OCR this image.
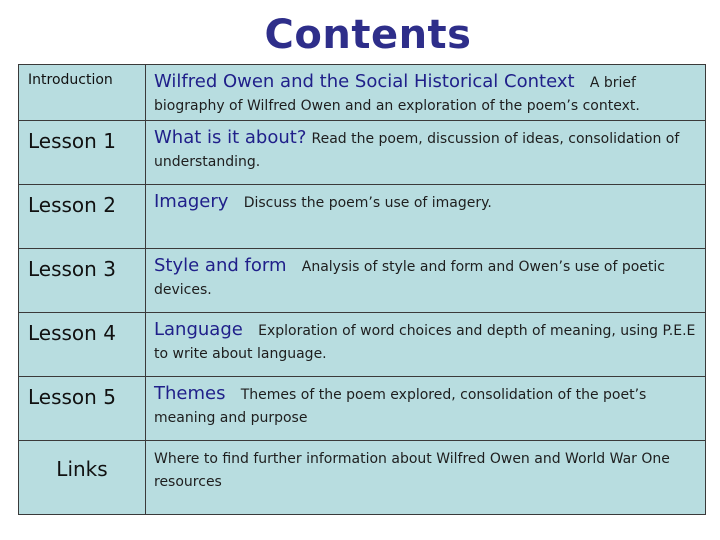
Contents
Introduction	Wilfred Owen and the Social Historical Context A brief biography of Wilfred Owen and an exploration of the poem’s context.

Lesson 1	What is it about? Read the poem, discussion of ideas, consolidation of understanding.

Lesson 2	Imagery Discuss the poem’s use of imagery.

Lesson 3	Style and form Analysis of style and form and Owen’s use of poetic devices.

Lesson 4	Language Exploration of word choices and depth of meaning, using P.E.E to write about language.

Lesson 5	Themes Themes of the poem explored, consolidation of the poet’s meaning and purpose

Links	Where to find further information about Wilfred Owen and World War One resources
